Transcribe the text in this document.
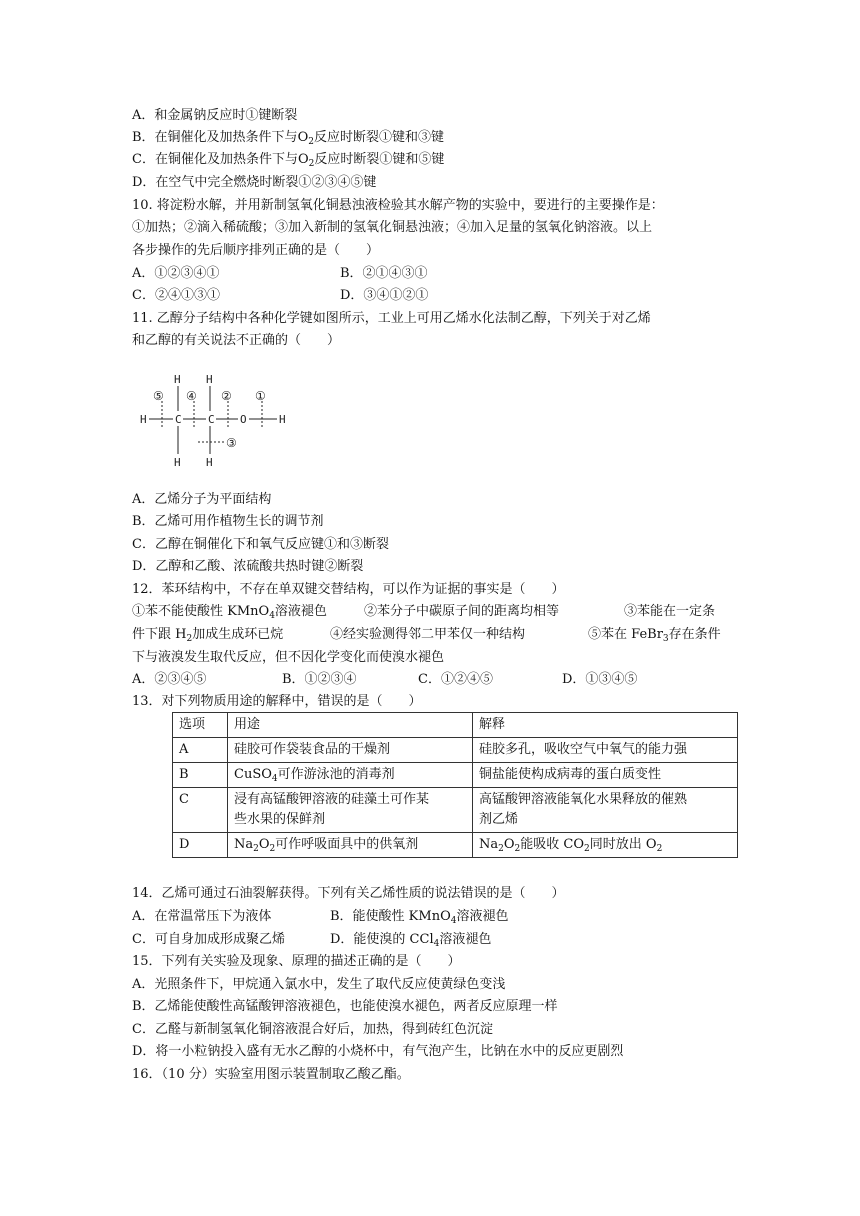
A．和金属钠反应时①键断裂
B．在铜催化及加热条件下与$O_2$反应时断裂①键和③键
C．在铜催化及加热条件下与$O_2$反应时断裂①键和⑤键
D．在空气中完全燃烧时断裂①②③④⑤键
10. 将淀粉水解，并用新制氢氧化铜悬浊液检验其水解产物的实验中，要进行的主要操作是：
①加热；②滴入稀硫酸；③加入新制的氢氧化铜悬浊液；④加入足量的氢氧化钠溶液。以上
各步操作的先后顺序排列正确的是（　　）
A．①②③④①	B．②①④③①
C．②④①③①	D．③④①②①
11. 乙醇分子结构中各种化学键如图所示，工业上可用乙烯水化法制乙醇，下列关于对乙烯
和乙醇的有关说法不正确的（　　）
H H
H	C C O	H
H H
⑤ ④ ② ①
③
A．乙烯分子为平面结构
B．乙烯可用作植物生长的调节剂
C．乙醇在铜催化下和氧气反应键①和③断裂
D．乙醇和乙酸、浓硫酸共热时键②断裂
12．苯环结构中，不存在单双键交替结构，可以作为证据的事实是（　　）
①苯不能使酸性 KMnO$_4$溶液褪色	②苯分子中碳原子间的距离均相等	③苯能在一定条
件下跟 $H_2$加成生成环已烷	④经实验测得邻二甲苯仅一种结构	⑤苯在 FeBr$_3$存在条件
下与液溴发生取代反应，但不因化学变化而使溴水褪色
A．②③④⑤	B．①②③④	C．①②④⑤	D．①③④⑤
13．对下列物质用途的解释中，错误的是（　　）
选项	用途	解释
A	硅胶可作袋装食品的干燥剂	硅胶多孔，吸收空气中氧气的能力强
B	CuSO$_4$可作游泳池的消毒剂	铜盐能使构成病毒的蛋白质变性
C	浸有高锰酸钾溶液的硅藻土可作某
些水果的保鲜剂	高锰酸钾溶液能氧化水果释放的催熟
剂乙烯
D	$Na_2O_2$可作呼吸面具中的供氧剂	$Na_2O_2$能吸收 $CO_2$同时放出 $O_2$
14．乙烯可通过石油裂解获得。下列有关乙烯性质的说法错误的是（　　）
A．在常温常压下为液体	B．能使酸性 KMnO$_4$溶液褪色
C．可自身加成形成聚乙烯	D．能使溴的 CCl$_4$溶液褪色
15．下列有关实验及现象、原理的描述正确的是（　　）
A．光照条件下，甲烷通入氯水中，发生了取代反应使黄绿色变浅
B．乙烯能使酸性高锰酸钾溶液褪色，也能使溴水褪色，两者反应原理一样
C．乙醛与新制氢氧化铜溶液混合好后，加热，得到砖红色沉淀
D．将一小粒钠投入盛有无水乙醇的小烧杯中，有气泡产生，比钠在水中的反应更剧烈
16．（10 分）实验室用图示装置制取乙酸乙酯。
